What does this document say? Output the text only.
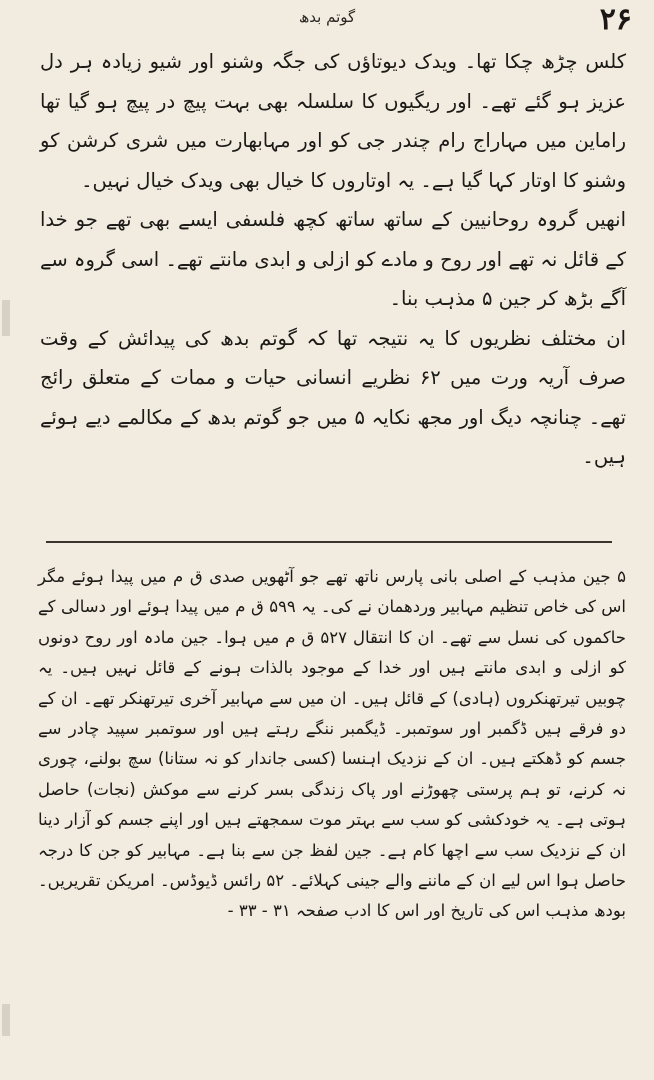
گوتم بدھ	۲۶

کلس چڑھ چکا تھا۔ ویدک دیوتاؤں کی جگہ وشنو اور شیو زیادہ ہر دل عزیز ہو گئے تھے۔ اور ریگیوں کا سلسلہ بھی بہت پیچ در پیچ ہو گیا تھا راماین میں مہاراج رام چندر جی کو اور مہابھارت میں شری کرشن کو وشنو کا اوتار کہا گیا ہے۔ یہ اوتاروں کا خیال بھی ویدک خیال نہیں۔

انھیں گروہ روحانیین کے ساتھ ساتھ کچھ فلسفی ایسے بھی تھے جو خدا کے قائل نہ تھے اور روح و مادے کو ازلی و ابدی مانتے تھے۔ اسی گروہ سے آگے بڑھ کر جین ۵ مذہب بنا۔

ان مختلف نظریوں کا یہ نتیجہ تھا کہ گوتم بدھ کی پیدائش کے وقت صرف آریہ ورت میں ۶۲ نظریے انسانی حیات و ممات کے متعلق رائج تھے۔ چنانچہ دیگ اور مجھ نکایہ ۵ میں جو گوتم بدھ کے مکالمے دیے ہوئے ہیں۔

۵ جین مذہب کے اصلی بانی پارس ناتھ تھے جو آٹھویں صدی ق م میں پیدا ہوئے مگر اس کی خاص تنظیم مہابیر وردھمان نے کی۔ یہ ۵۹۹ ق م میں پیدا ہوئے اور دسالی کے حاکموں کی نسل سے تھے۔ ان کا انتقال ۵۲۷ ق م میں ہوا۔ جین مادہ اور روح دونوں کو ازلی و ابدی مانتے ہیں اور خدا کے موجود بالذات ہونے کے قائل نہیں ہیں۔ یہ چوبیں تیرتھنکروں (ہادی) کے قائل ہیں۔ ان میں سے مہابیر آخری تیرتھنکر تھے۔ ان کے دو فرقے ہیں ڈگمبر اور سوتمبر۔ ڈیگمبر ننگے رہتے ہیں اور سوتمبر سپید چادر سے جسم کو ڈھکتے ہیں۔ ان کے نزدیک اہنسا (کسی جاندار کو نہ ستانا) سچ بولنے، چوری نہ کرنے، تو ہم پرستی چھوڑنے اور پاک زندگی بسر کرنے سے موکش (نجات) حاصل ہوتی ہے۔ یہ خودکشی کو سب سے بہتر موت سمجھتے ہیں اور اپنے جسم کو آزار دینا ان کے نزدیک سب سے اچھا کام ہے۔ جین لفظ جن سے بنا ہے۔ مہابیر کو جن کا درجہ حاصل ہوا اس لیے ان کے ماننے والے جینی کہلائے۔ ۵۲ رائس ڈیوڈس۔ امریکن تقریریں۔ بودھ مذہب اس کی تاریخ اور اس کا ادب صفحہ ۳۱ - ۳۳ -
